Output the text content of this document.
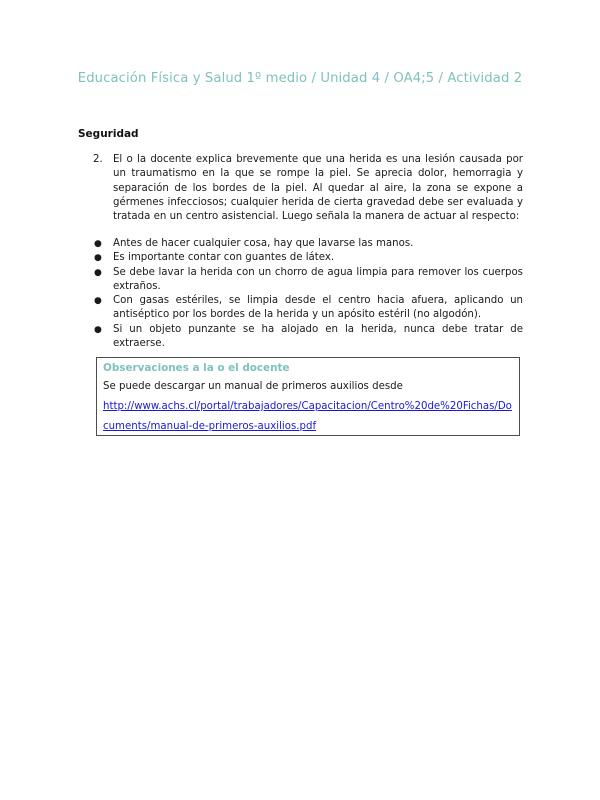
Educación Física y Salud 1º medio / Unidad 4 / OA4;5 / Actividad 2
Seguridad
2. El o la docente explica brevemente que una herida es una lesión causada por un traumatismo en la que se rompe la piel. Se aprecia dolor, hemorragia y separación de los bordes de la piel. Al quedar al aire, la zona se expone a gérmenes infecciosos; cualquier herida de cierta gravedad debe ser evaluada y tratada en un centro asistencial. Luego señala la manera de actuar al respecto:
● Antes de hacer cualquier cosa, hay que lavarse las manos.
● Es importante contar con guantes de látex.
● Se debe lavar la herida con un chorro de agua limpia para remover los cuerpos extraños.
● Con gasas estériles, se limpia desde el centro hacia afuera, aplicando un antiséptico por los bordes de la herida y un apósito estéril (no algodón).
● Si un objeto punzante se ha alojado en la herida, nunca debe tratar de extraerse.
Observaciones a la o el docente
Se puede descargar un manual de primeros auxilios desde
http://www.achs.cl/portal/trabajadores/Capacitacion/Centro%20de%20Fichas/Documents/manual-de-primeros-auxilios.pdf
